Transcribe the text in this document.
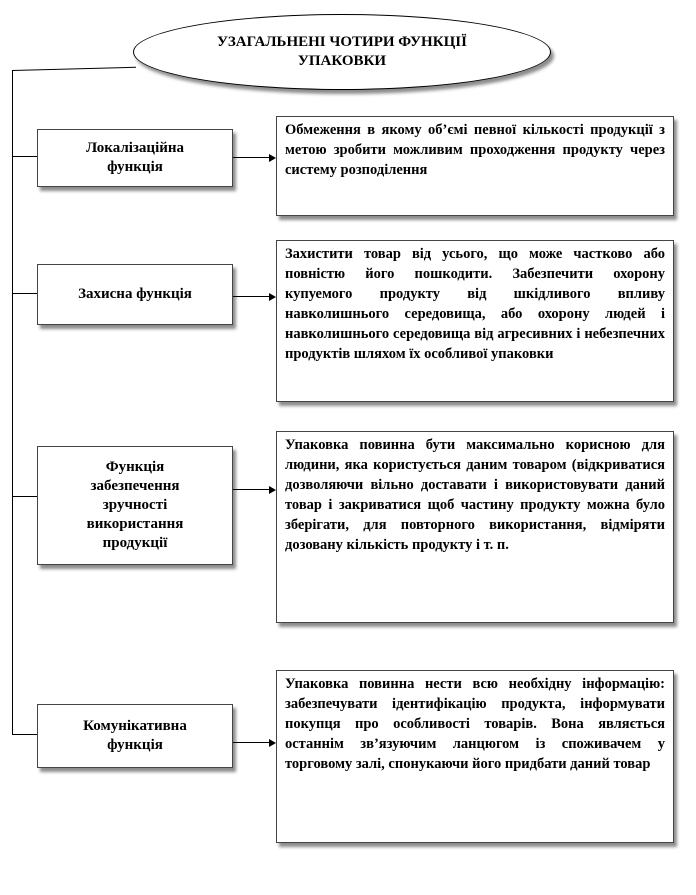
УЗАГАЛЬНЕНІ ЧОТИРИ ФУНКЦІЇ УПАКОВКИ
Локалізаційна функція
Захисна функція
Функція забезпечення зручності використання продукції
Комунікативна функція
Обмеження в якому об’ємі певної кількості продукції з метою зробити можливим проходження продукту через систему розподілення
Захистити товар від усього, що може частково або повністю його пошкодити. Забезпечити охорону купуемого продукту від шкідливого впливу навколишнього середовища, або охорону людей і навколишнього середовища від агресивних і небезпечних продуктів шляхом їх особливої упаковки
Упаковка повинна бути максимально корисною для людини, яка користується даним товаром (відкриватися дозволяючи вільно доставати і використовувати даний товар і закриватися щоб частину продукту можна було зберігати, для повторного використання, відміряти дозовану кількість продукту і т. п.
Упаковка повинна нести всю необхідну інформацію: забезпечувати ідентифікацію продукта, інформувати покупця про особливості товарів. Вона являється останнім зв’язуючим ланцюгом із споживачем у торговому залі, спонукаючи його придбати даний товар
